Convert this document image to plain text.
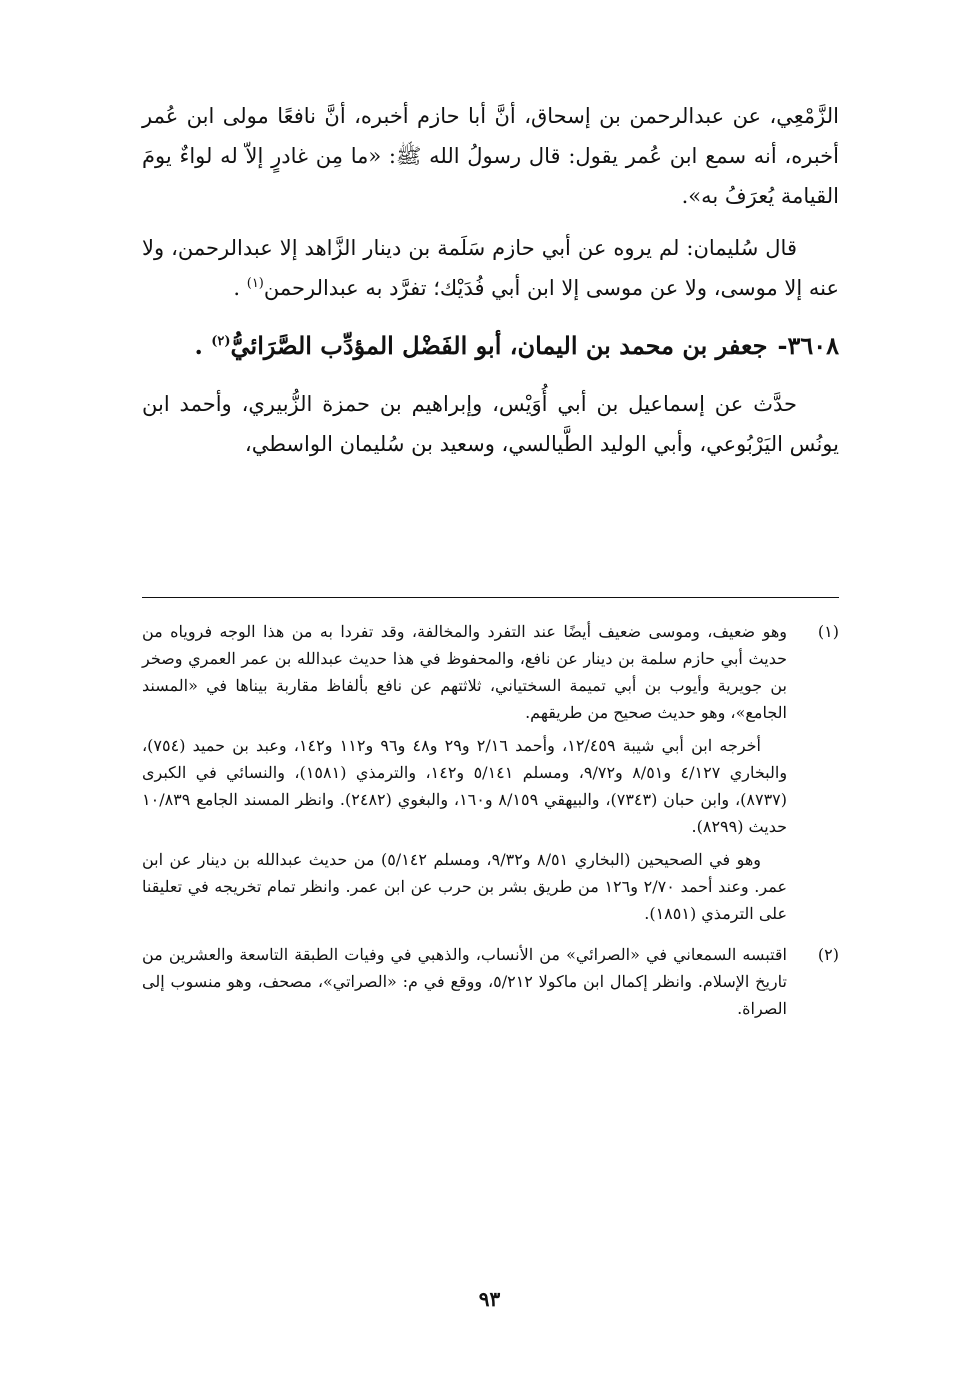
الزَّمْعِي، عن عبدالرحمن بن إسحاق، أنَّ أبا حازم أخبره، أنَّ نافعًا مولى ابن عُمر أخبره، أنه سمع ابن عُمر يقول: قال رسولُ الله ﷺ: «ما مِن غادرٍ إلاّ له لواءٌ يومَ القيامة يُعرَفُ به».

قال سُليمان: لم يروه عن أبي حازم سَلَمة بن دينار الزَّاهد إلا عبدالرحمن، ولا عنه إلا موسى، ولا عن موسى إلا ابن أبي فُدَيْك؛ تفرَّد به عبدالرحمن$^{(١)}$ .

٣٦٠٨-جعفر بن محمد بن اليمان، أبو الفَضْل المؤدِّب الصَّرَائيُّ$^{(٢)}$ .

حدَّث عن إسماعيل بن أبي أُوَيْس، وإبراهيم بن حمزة الزُّبيري، وأحمد ابن يونُس اليَرْبُوعي، وأبي الوليد الطَّيالسي، وسعيد بن سُليمان الواسطي،

(١)

وهو ضعيف، وموسى ضعيف أيضًا عند التفرد والمخالفة، وقد تفردا به من هذا الوجه فروياه من حديث أبي حازم سلمة بن دينار عن نافع، والمحفوظ في هذا حديث عبدالله بن عمر العمري وصخر بن جويرية وأيوب بن أبي تميمة السختياني، ثلاثتهم عن نافع بألفاظ مقاربة بيناها في «المسند الجامع»، وهو حديث صحيح من طريقهم.

أخرجه ابن أبي شيبة ١٢/٤٥٩، وأحمد ٢/١٦ و٢٩ و٤٨ و٩٦ و١١٢ و١٤٢، وعبد بن حميد (٧٥٤)، والبخاري ٤/١٢٧ و٨/٥١ و٩/٧٢، ومسلم ٥/١٤١ و١٤٢، والترمذي (١٥٨١)، والنسائي في الكبرى (٨٧٣٧)، وابن حبان (٧٣٤٣)، والبيهقي ٨/١٥٩ و١٦٠، والبغوي (٢٤٨٢). وانظر المسند الجامع ١٠/٨٣٩ حديث (٨٢٩٩).

وهو في الصحيحين (البخاري ٨/٥١ و٩/٣٢، ومسلم ٥/١٤٢) من حديث عبدالله بن دينار عن ابن عمر. وعند أحمد ٢/٧٠ و١٢٦ من طريق بشر بن حرب عن ابن عمر. وانظر تمام تخريجه في تعليقنا على الترمذي (١٨٥١).

(٢)

اقتبسه السمعاني في «الصرائي» من الأنساب، والذهبي في وفيات الطبقة التاسعة والعشرين من تاريخ الإسلام. وانظر إكمال ابن ماكولا ٥/٢١٢، ووقع في م: «الصراتي»، مصحف، وهو منسوب إلى الصراة.

٩٣
